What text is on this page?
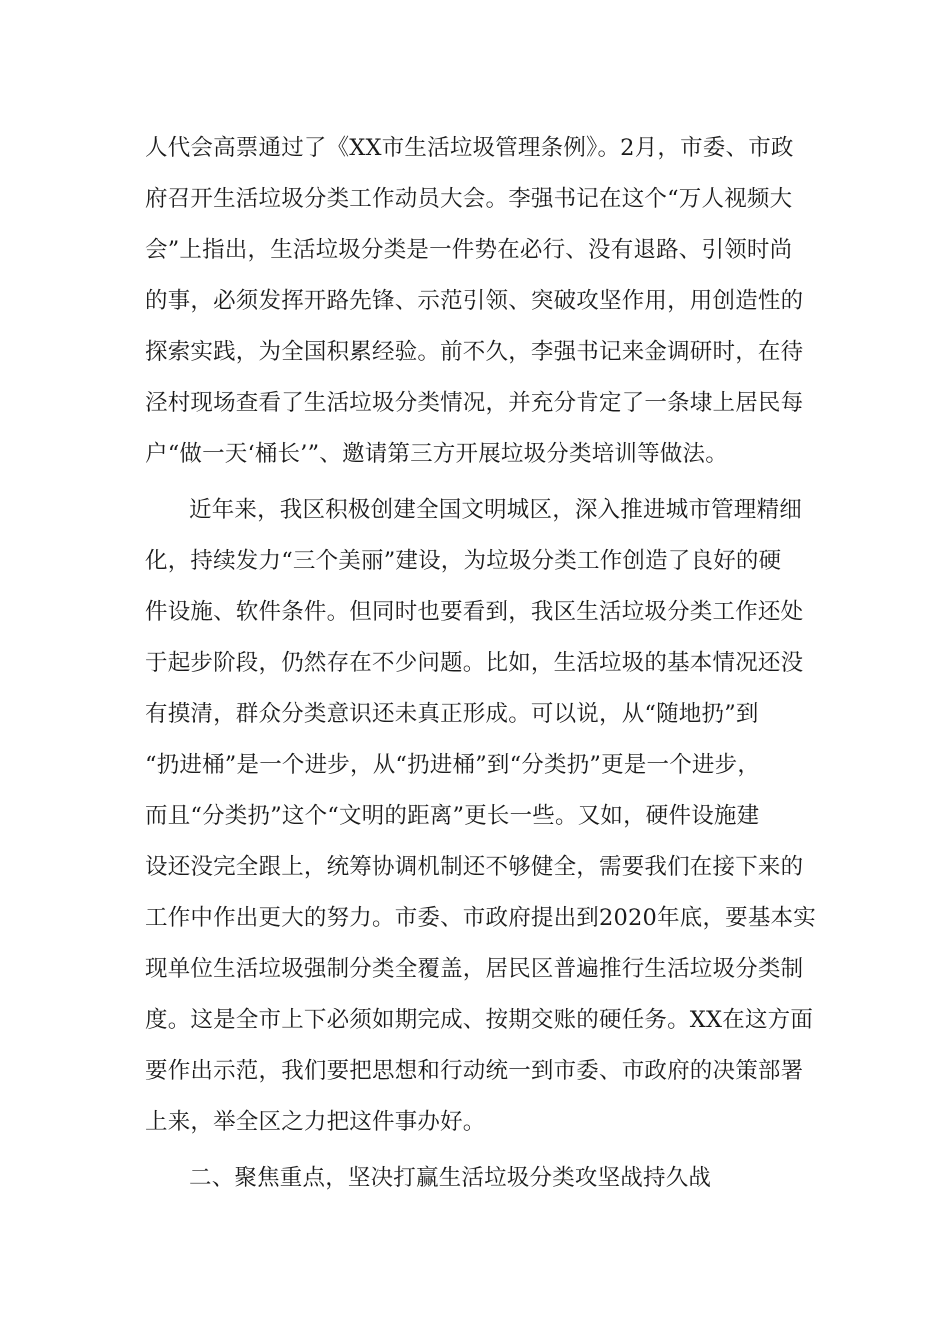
人代会高票通过了《XX市生活垃圾管理条例》。2月，市委、市政
府召开生活垃圾分类工作动员大会。李强书记在这个“万人视频大
会”上指出，生活垃圾分类是一件势在必行、没有退路、引领时尚
的事，必须发挥开路先锋、示范引领、突破攻坚作用，用创造性的
探索实践，为全国积累经验。前不久，李强书记来金调研时，在待
泾村现场查看了生活垃圾分类情况，并充分肯定了一条埭上居民每
户“做一天‘桶长’”、邀请第三方开展垃圾分类培训等做法。
近年来，我区积极创建全国文明城区，深入推进城市管理精细
化，持续发力“三个美丽”建设，为垃圾分类工作创造了良好的硬
件设施、软件条件。但同时也要看到，我区生活垃圾分类工作还处
于起步阶段，仍然存在不少问题。比如，生活垃圾的基本情况还没
有摸清，群众分类意识还未真正形成。可以说，从“随地扔”到
“扔进桶”是一个进步，从“扔进桶”到“分类扔”更是一个进步，
而且“分类扔”这个“文明的距离”更长一些。又如，硬件设施建
设还没完全跟上，统筹协调机制还不够健全，需要我们在接下来的
工作中作出更大的努力。市委、市政府提出到2020年底，要基本实
现单位生活垃圾强制分类全覆盖，居民区普遍推行生活垃圾分类制
度。这是全市上下必须如期完成、按期交账的硬任务。XX在这方面
要作出示范，我们要把思想和行动统一到市委、市政府的决策部署
上来，举全区之力把这件事办好。
二、聚焦重点，坚决打赢生活垃圾分类攻坚战持久战
